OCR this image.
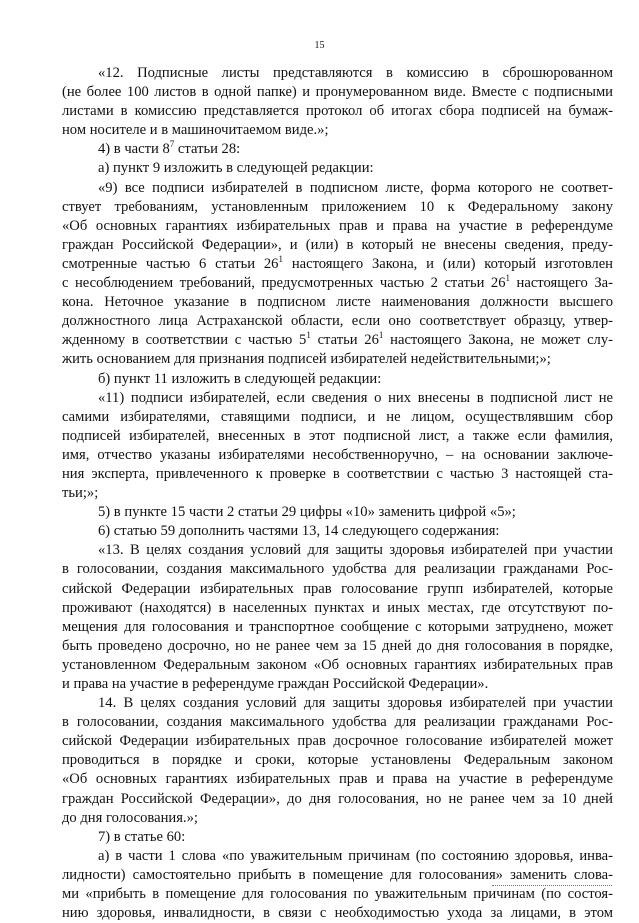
15
«12. Подписные листы представляются в комиссию в сброшюрованном
(не более 100 листов в одной папке) и пронумерованном виде. Вместе с подписными
листами в комиссию представляется протокол об итогах сбора подписей на бумаж-
ном носителе и в машиночитаемом виде.»;
4) в части $8^7$ статьи 28:
а) пункт 9 изложить в следующей редакции:
«9) все подписи избирателей в подписном листе, форма которого не соответ-
ствует требованиям, установленным приложением 10 к Федеральному закону
«Об основных гарантиях избирательных прав и права на участие в референдуме
граждан Российской Федерации», и (или) в который не внесены сведения, преду-
смотренные частью 6 статьи $26^1$ настоящего Закона, и (или) который изготовлен
с несоблюдением требований, предусмотренных частью 2 статьи $26^1$ настоящего За-
кона. Неточное указание в подписном листе наименования должности высшего
должностного лица Астраханской области, если оно соответствует образцу, утвер-
жденному в соответствии с частью $5^1$ статьи $26^1$ настоящего Закона, не может слу-
жить основанием для признания подписей избирателей недействительными;»;
б) пункт 11 изложить в следующей редакции:
«11) подписи избирателей, если сведения о них внесены в подписной лист не
самими избирателями, ставящими подписи, и не лицом, осуществлявшим сбор
подписей избирателей, внесенных в этот подписной лист, а также если фамилия,
имя, отчество указаны избирателями несобственноручно, – на основании заключе-
ния эксперта, привлеченного к проверке в соответствии с частью 3 настоящей ста-
тьи;»;
5) в пункте 15 части 2 статьи 29 цифры «10» заменить цифрой «5»;
6) статью 59 дополнить частями 13, 14 следующего содержания:
«13. В целях создания условий для защиты здоровья избирателей при участии
в голосовании, создания максимального удобства для реализации гражданами Рос-
сийской Федерации избирательных прав голосование групп избирателей, которые
проживают (находятся) в населенных пунктах и иных местах, где отсутствуют по-
мещения для голосования и транспортное сообщение с которыми затруднено, может
быть проведено досрочно, но не ранее чем за 15 дней до дня голосования в порядке,
установленном Федеральным законом «Об основных гарантиях избирательных прав
и права на участие в референдуме граждан Российской Федерации».
14. В целях создания условий для защиты здоровья избирателей при участии
в голосовании, создания максимального удобства для реализации гражданами Рос-
сийской Федерации избирательных прав досрочное голосование избирателей может
проводиться в порядке и сроки, которые установлены Федеральным законом
«Об основных гарантиях избирательных прав и права на участие в референдуме
граждан Российской Федерации», до дня голосования, но не ранее чем за 10 дней
до дня голосования.»;
7) в статье 60:
а) в части 1 слова «по уважительным причинам (по состоянию здоровья, инва-
лидности) самостоятельно прибыть в помещение для голосования» заменить слова-
ми «прибыть в помещение для голосования по уважительным причинам (по состоя-
нию здоровья, инвалидности, в связи с необходимостью ухода за лицами, в этом
